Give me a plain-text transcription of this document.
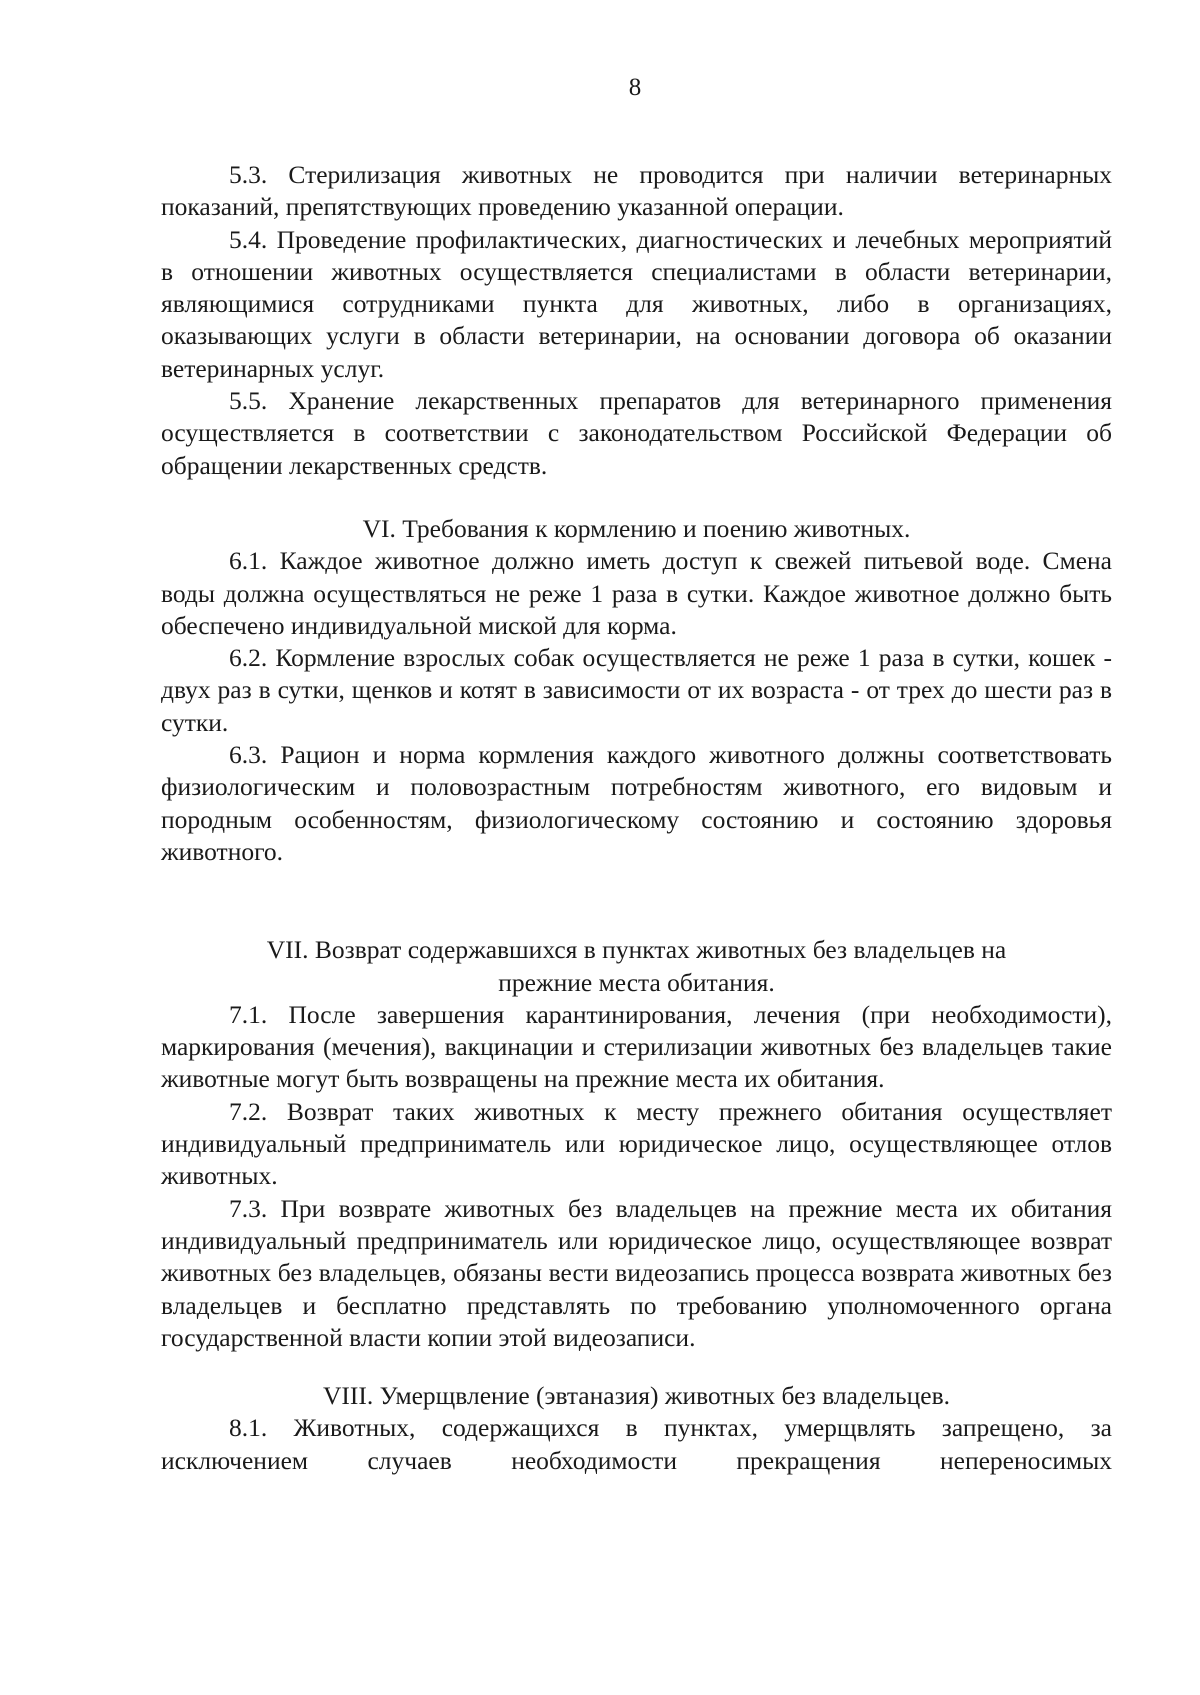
8

5.3. Стерилизация животных не проводится при наличии ветеринарных показаний, препятствующих проведению указанной операции.

5.4. Проведение профилактических, диагностических и лечебных мероприятий в отношении животных осуществляется специалистами в области ветеринарии, являющимися сотрудниками пункта для животных, либо в организациях, оказывающих услуги в области ветеринарии, на основании договора об оказании ветеринарных услуг.

5.5. Хранение лекарственных препаратов для ветеринарного применения осуществляется в соответствии с законодательством Российской Федерации об обращении лекарственных средств.

VI. Требования к кормлению и поению животных.

6.1. Каждое животное должно иметь доступ к свежей питьевой воде. Смена воды должна осуществляться не реже 1 раза в сутки. Каждое животное должно быть обеспечено индивидуальной миской для корма.

6.2. Кормление взрослых собак осуществляется не реже 1 раза в сутки, кошек - двух раз в сутки, щенков и котят в зависимости от их возраста - от трех до шести раз в сутки.

6.3. Рацион и норма кормления каждого животного должны соответствовать физиологическим и половозрастным потребностям животного, его видовым и породным особенностям, физиологическому состоянию и состоянию здоровья животного.

VII. Возврат содержавшихся в пунктах животных без владельцев на

прежние места обитания.

7.1. После завершения карантинирования, лечения (при необходимости), маркирования (мечения), вакцинации и стерилизации животных без владельцев такие животные могут быть возвращены на прежние места их обитания.

7.2. Возврат таких животных к месту прежнего обитания осуществляет индивидуальный предприниматель или юридическое лицо, осуществляющее отлов животных.

7.3. При возврате животных без владельцев на прежние места их обитания индивидуальный предприниматель или юридическое лицо, осуществляющее возврат животных без владельцев, обязаны вести видеозапись процесса возврата животных без владельцев и бесплатно представлять по требованию уполномоченного органа государственной власти копии этой видеозаписи.

VIII. Умерщвление (эвтаназия) животных без владельцев.

8.1. Животных, содержащихся в пунктах, умерщвлять запрещено, за исключением случаев необходимости прекращения непереносимых
